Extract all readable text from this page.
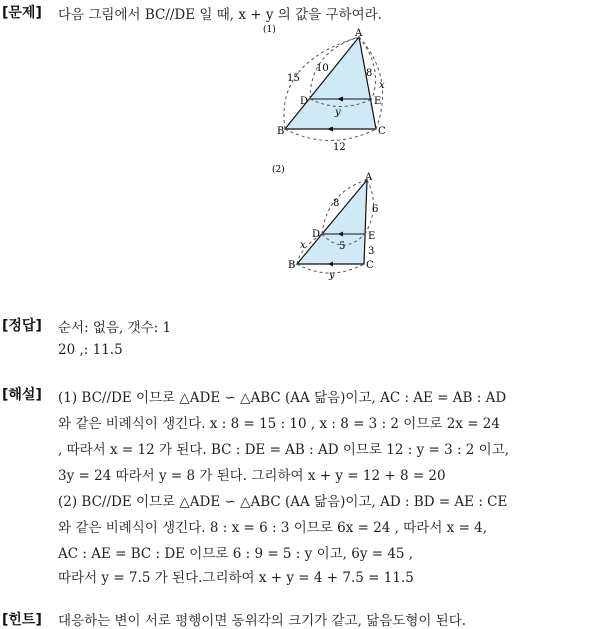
[문제] 다음 그림에서 BC//DE 일 때, x + y 의 값을 구하여라.
(1)	A
B	C
D	E
15
10	8
x
y
12
(2)
A
B	C
D	E
8
6
x	5 3
y
[정답] 순서: 없음, 갯수: 1
20 ,: 11.5
[해설] (1) BC//DE 이므로 △ADE ∽ △ABC (AA 닮음)이고, AC : AE = AB : AD
와 같은 비례식이 생긴다. x : 8 = 15 : 10 , x : 8 = 3 : 2 이므로 2x = 24
, 따라서 x = 12 가 된다. BC : DE = AB : AD 이므로 12 : y = 3 : 2 이고,
3y = 24 따라서 y = 8 가 된다. 그리하여 x + y = 12 + 8 = 20
(2) BC//DE 이므로 △ADE ∽ △ABC (AA 닮음)이고, AD : BD = AE : CE
와 같은 비례식이 생긴다. 8 : x = 6 : 3 이므로 6x = 24 , 따라서 x = 4,
AC : AE = BC : DE 이므로 6 : 9 = 5 : y 이고, 6y = 45 ,
따라서 y = 7.5 가 된다.그리하여 x + y = 4 + 7.5 = 11.5
[힌트] 대응하는 변이 서로 평행이면 동위각의 크기가 같고, 닮음도형이 된다.
